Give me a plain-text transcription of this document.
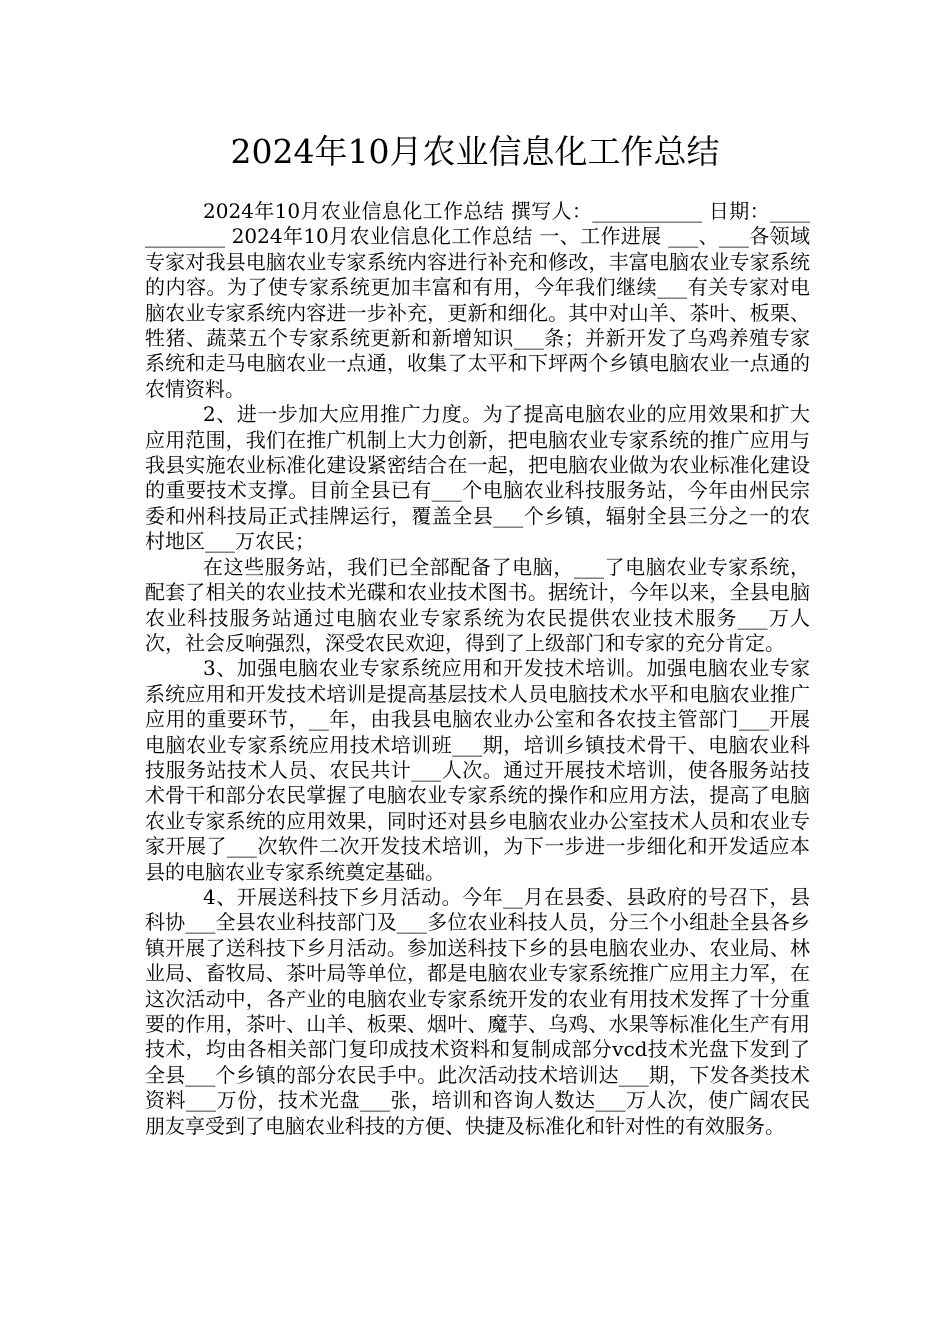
2024年10月农业信息化工作总结

2024年10月农业信息化工作总结 撰写人：___________ 日期：____________ 2024年10月农业信息化工作总结 一、工作进展 ___、___各领域专家对我县电脑农业专家系统内容进行补充和修改，丰富电脑农业专家系统的内容。为了使专家系统更加丰富和有用，今年我们继续___有关专家对电脑农业专家系统内容进一步补充，更新和细化。其中对山羊、茶叶、板栗、牲猪、蔬菜五个专家系统更新和新增知识___条；并新开发了乌鸡养殖专家系统和走马电脑农业一点通，收集了太平和下坪两个乡镇电脑农业一点通的农情资料。

2、进一步加大应用推广力度。为了提高电脑农业的应用效果和扩大应用范围，我们在推广机制上大力创新，把电脑农业专家系统的推广应用与我县实施农业标准化建设紧密结合在一起，把电脑农业做为农业标准化建设的重要技术支撑。目前全县已有___个电脑农业科技服务站，今年由州民宗委和州科技局正式挂牌运行，覆盖全县___个乡镇，辐射全县三分之一的农村地区___万农民；

在这些服务站，我们已全部配备了电脑，___了电脑农业专家系统，配套了相关的农业技术光碟和农业技术图书。据统计，今年以来，全县电脑农业科技服务站通过电脑农业专家系统为农民提供农业技术服务___万人次，社会反响强烈，深受农民欢迎，得到了上级部门和专家的充分肯定。

3、加强电脑农业专家系统应用和开发技术培训。加强电脑农业专家系统应用和开发技术培训是提高基层技术人员电脑技术水平和电脑农业推广应用的重要环节，__年，由我县电脑农业办公室和各农技主管部门___开展电脑农业专家系统应用技术培训班___期，培训乡镇技术骨干、电脑农业科技服务站技术人员、农民共计___人次。通过开展技术培训，使各服务站技术骨干和部分农民掌握了电脑农业专家系统的操作和应用方法，提高了电脑农业专家系统的应用效果，同时还对县乡电脑农业办公室技术人员和农业专家开展了___次软件二次开发技术培训，为下一步进一步细化和开发适应本县的电脑农业专家系统奠定基础。

4、开展送科技下乡月活动。今年__月在县委、县政府的号召下，县科协___全县农业科技部门及___多位农业科技人员，分三个小组赴全县各乡镇开展了送科技下乡月活动。参加送科技下乡的县电脑农业办、农业局、林业局、畜牧局、茶叶局等单位，都是电脑农业专家系统推广应用主力军，在这次活动中，各产业的电脑农业专家系统开发的农业有用技术发挥了十分重要的作用，茶叶、山羊、板栗、烟叶、魔芋、乌鸡、水果等标准化生产有用技术，均由各相关部门复印成技术资料和复制成部分vcd技术光盘下发到了全县___个乡镇的部分农民手中。此次活动技术培训达___期，下发各类技术资料___万份，技术光盘___张，培训和咨询人数达___万人次，使广阔农民朋友享受到了电脑农业科技的方便、快捷及标准化和针对性的有效服务。
